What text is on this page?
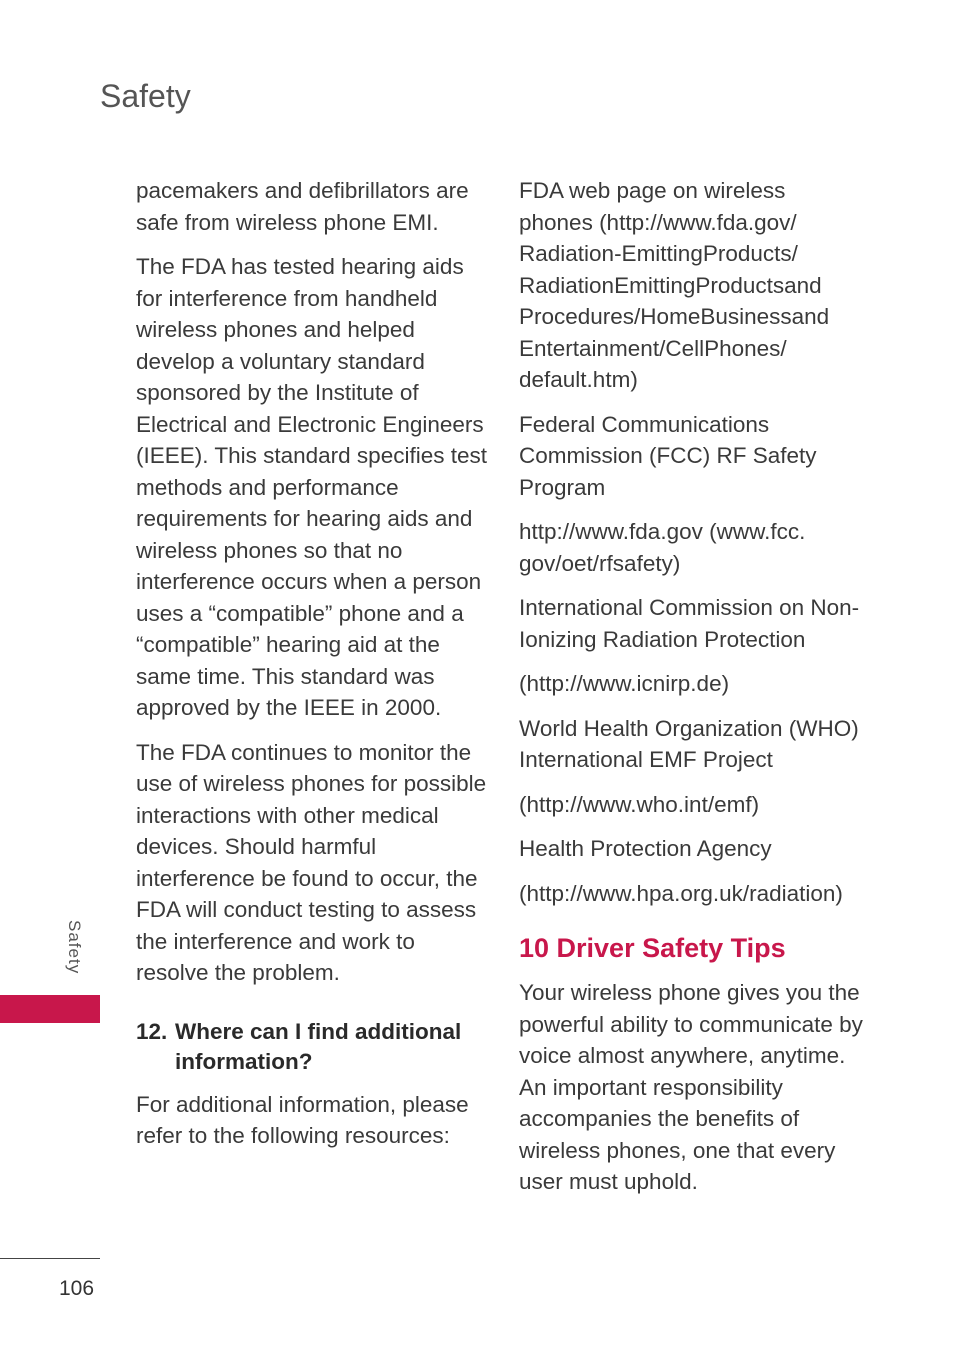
Safety

pacemakers and defibrillators are safe from wireless phone EMI.

The FDA has tested hearing aids for interference from handheld wireless phones and helped develop a voluntary standard sponsored by the Institute of Electrical and Electronic Engineers (IEEE). This standard specifies test methods and performance requirements for hearing aids and wireless phones so that no interference occurs when a person uses a “compatible” phone and a “compatible” hearing aid at the same time. This standard was approved by the IEEE in 2000.

The FDA continues to monitor the use of wireless phones for possible interactions with other medical devices. Should harmful interference be found to occur, the FDA will conduct testing to assess the interference and work to resolve the problem.

12. Where can I find additional information?

For additional information, please refer to the following resources:

FDA web page on wireless phones (http://www.fda.gov/ Radiation-EmittingProducts/ RadiationEmittingProductsand Procedures/HomeBusinessand Entertainment/CellPhones/ default.htm)

Federal Communications Commission (FCC) RF Safety Program

http://www.fda.gov (www.fcc. gov/oet/rfsafety)

International Commission on Non-Ionizing Radiation Protection

(http://www.icnirp.de)

World Health Organization (WHO) International EMF Project

(http://www.who.int/emf)

Health Protection Agency

(http://www.hpa.org.uk/radiation)

10 Driver Safety Tips

Your wireless phone gives you the powerful ability to communicate by voice almost anywhere, anytime. An important responsibility accompanies the benefits of wireless phones, one that every user must uphold.

Safety
106
